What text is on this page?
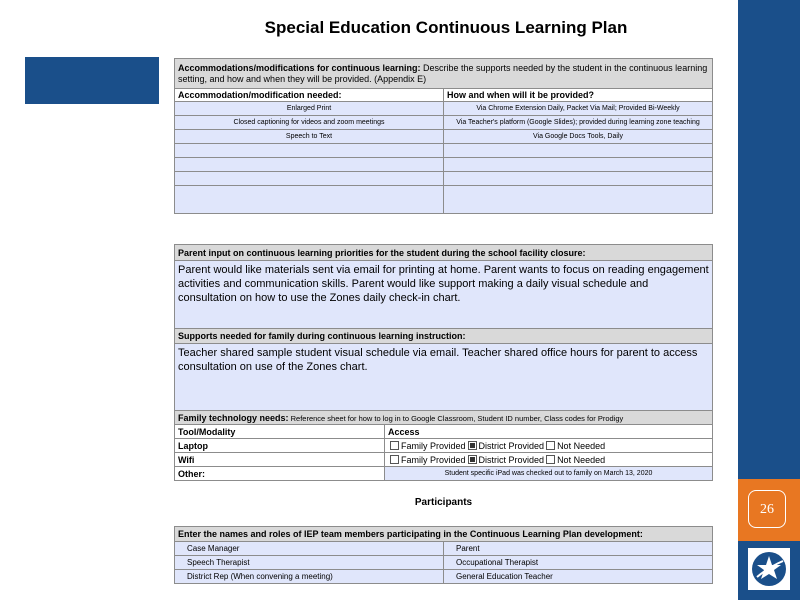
26
Special Education Continuous Learning Plan
Accommodations/modifications for continuous learning: Describe the supports needed by the student in the continuous learning setting, and how and when they will be provided. (Appendix E)	
Accommodation/modification needed:	How and when will it be provided?
Enlarged Print	Via Chrome Extension Daily, Packet Via Mail; Provided Bi-Weekly
Closed captioning for videos and zoom meetings	Via Teacher's platform (Google Slides); provided during learning zone teaching
Speech to Text	Via Google Docs Tools, Daily

Parent input on continuous learning priorities for the student during the school facility closure:
Parent would like materials sent via email for printing at home. Parent wants to focus on reading engagement activities and communication skills. Parent would like support making a daily visual schedule and consultation on how to use the Zones daily check-in chart.
Supports needed for family during continuous learning instruction:
Teacher shared sample student visual schedule via email. Teacher shared office hours for parent to access consultation on use of the Zones chart.
Family technology needs: Reference sheet for how to log in to Google Classroom, Student ID number, Class codes for Prodigy	
Tool/Modality	Access
Laptop	Family Provided District Provided Not Needed
Wifi	Family Provided District Provided Not Needed
Other:	Student specific iPad was checked out to family on March 13, 2020
Participants
Enter the names and roles of IEP team members participating in the Continuous Learning Plan development:	
Case Manager	Parent
Speech Therapist	Occupational Therapist
District Rep (When convening a meeting)	General Education Teacher
